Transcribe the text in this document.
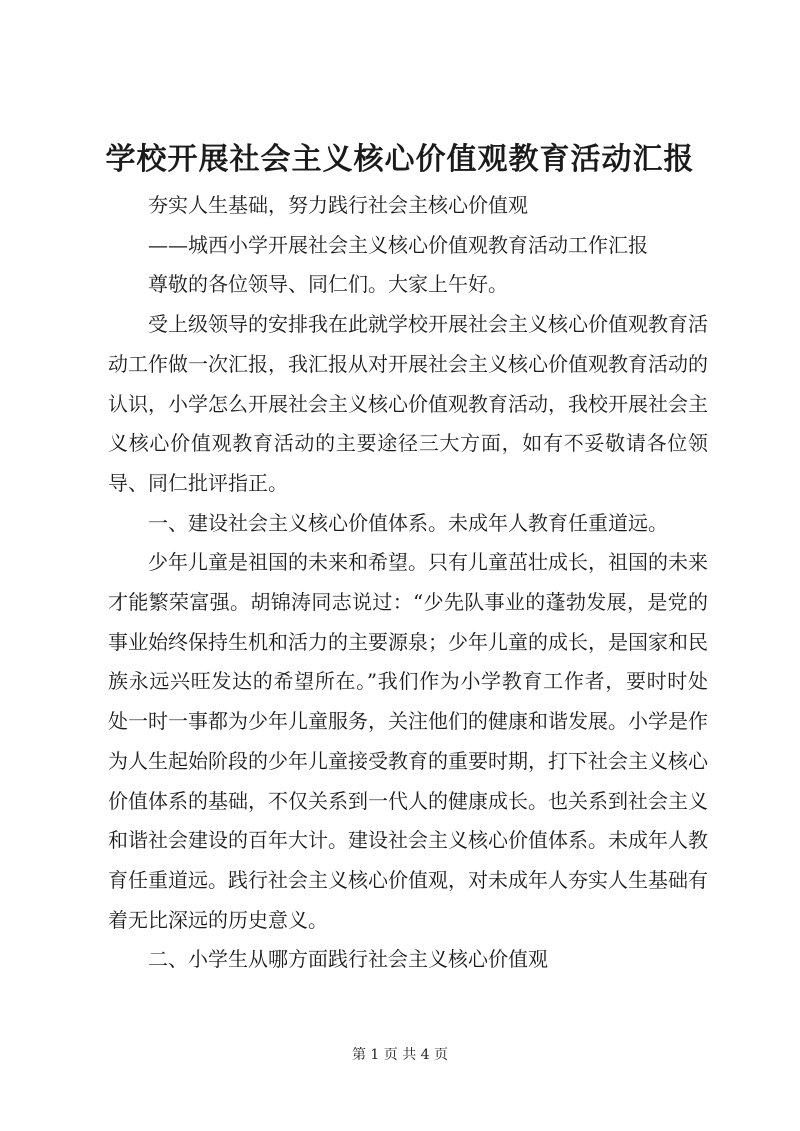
学校开展社会主义核心价值观教育活动汇报

夯实人生基础，努力践行社会主核心价值观

——城西小学开展社会主义核心价值观教育活动工作汇报

尊敬的各位领导、同仁们。大家上午好。

受上级领导的安排我在此就学校开展社会主义核心价值观教育活动工作做一次汇报，我汇报从对开展社会主义核心价值观教育活动的认识，小学怎么开展社会主义核心价值观教育活动，我校开展社会主义核心价值观教育活动的主要途径三大方面，如有不妥敬请各位领导、同仁批评指正。

一、建设社会主义核心价值体系。未成年人教育任重道远。

少年儿童是祖国的未来和希望。只有儿童茁壮成长，祖国的未来才能繁荣富强。胡锦涛同志说过：“少先队事业的蓬勃发展，是党的事业始终保持生机和活力的主要源泉；少年儿童的成长，是国家和民族永远兴旺发达的希望所在。”我们作为小学教育工作者，要时时处处一时一事都为少年儿童服务，关注他们的健康和谐发展。小学是作为人生起始阶段的少年儿童接受教育的重要时期，打下社会主义核心价值体系的基础，不仅关系到一代人的健康成长。也关系到社会主义和谐社会建设的百年大计。建设社会主义核心价值体系。未成年人教育任重道远。践行社会主义核心价值观，对未成年人夯实人生基础有着无比深远的历史意义。

二、小学生从哪方面践行社会主义核心价值观

第 1 页 共 4 页
